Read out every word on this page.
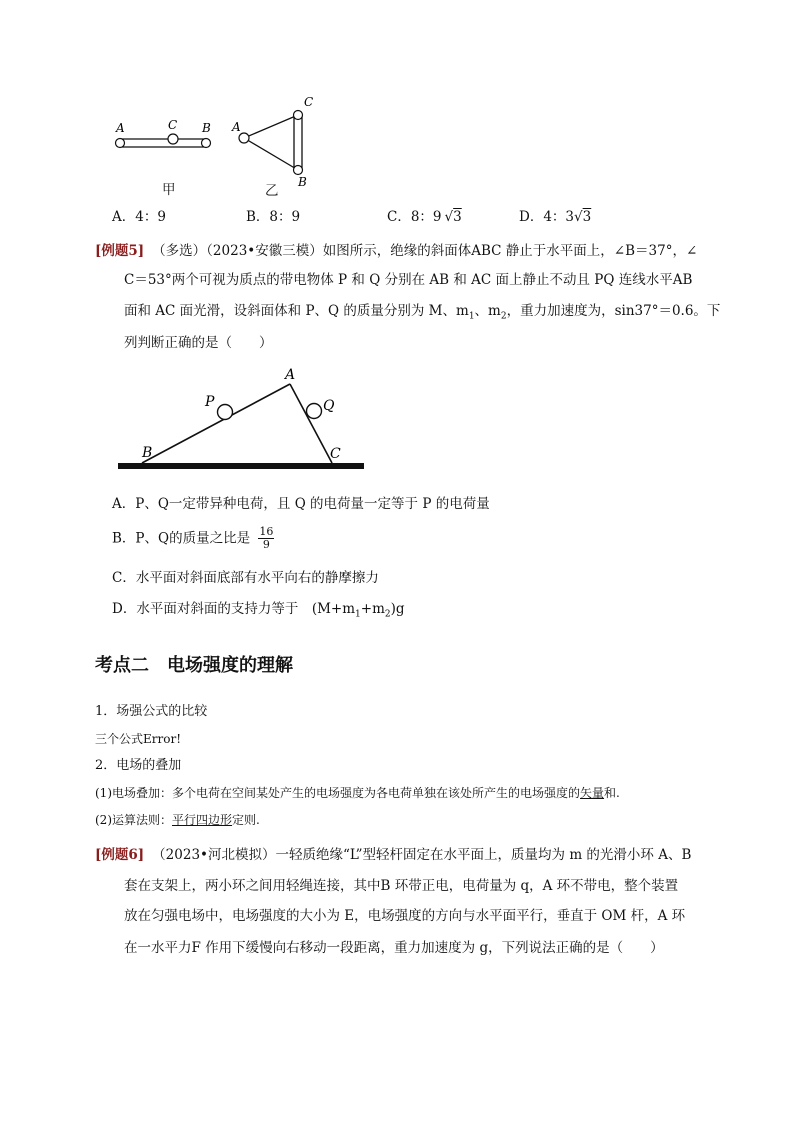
A	C B
甲
A
C
B
乙
A．4：9	B．8：9	C．8：9 √3	D．4：3√3
[例题5] （多选）（2023•安徽三模）如图所示，绝缘的斜面体ABC 静止于水平面上，∠B＝37°，∠
C＝53°两个可视为质点的带电物体 P 和 Q 分别在 AB 和 AC 面上静止不动且 PQ 连线水平AB
面和 AC 面光滑，设斜面体和 P、Q 的质量分别为 M、$m_1$、$m_2$，重力加速度为，sin37°＝0.6。下
列判断正确的是（　　）
A
B	C
P	Q
A．P、Q一定带异种电荷，且 Q 的电荷量一定等于 P 的电荷量
B．P、Q的质量之比是 $\frac{16}{9}$
C．水平面对斜面底部有水平向右的静摩擦力
D．水平面对斜面的支持力等于　$(M+m_1+m_2)g$
考点二　电场强度的理解
1．场强公式的比较
三个公式Error!
2．电场的叠加
(1)电场叠加：多个电荷在空间某处产生的电场强度为各电荷单独在该处所产生的电场强度的矢量和.
(2)运算法则：平行四边形定则.
[例题6] （2023•河北模拟）一轻质绝缘“L”型轻杆固定在水平面上，质量均为 m 的光滑小环 A、B
套在支架上，两小环之间用轻绳连接，其中B 环带正电，电荷量为 q，A 环不带电，整个装置
放在匀强电场中，电场强度的大小为 E，电场强度的方向与水平面平行，垂直于 OM 杆，A 环
在一水平力F 作用下缓慢向右移动一段距离，重力加速度为 g，下列说法正确的是（　　）
